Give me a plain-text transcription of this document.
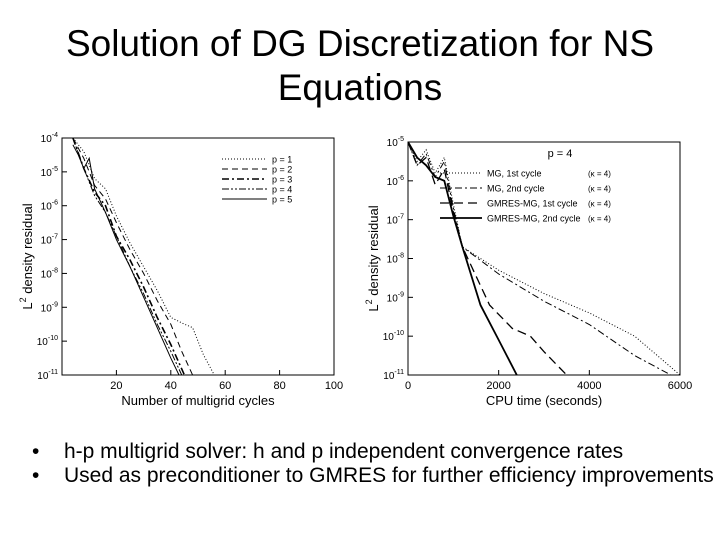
Solution of DG Discretization for NS
Equations
$10^{-4}$
$10^{-5}$
$10^{-6}$
$10^{-7}$
$10^{-8}$
$10^{-9}$
$10^{-10}$
$10^{-11}$
20	40	60	80	100
Number of multigrid cycles
$L^2$ density residual
p = 1
p = 2
p = 3
p = 4
p = 5
$10^{-5}$
$10^{-6}$
$10^{-7}$
$10^{-8}$
$10^{-9}$
$10^{-10}$
$10^{-11}$
0	2000	4000	6000
CPU time (seconds)
$L^2$ density residual
p = 4
MG, 1st cycle	(κ = 4)
MG, 2nd cycle	(κ = 4)
GMRES-MG, 1st cycle (κ = 4)
GMRES-MG, 2nd cycle (κ = 4)
• h-p multigrid solver: h and p independent convergence rates
• Used as preconditioner to GMRES for further efficiency improvements
